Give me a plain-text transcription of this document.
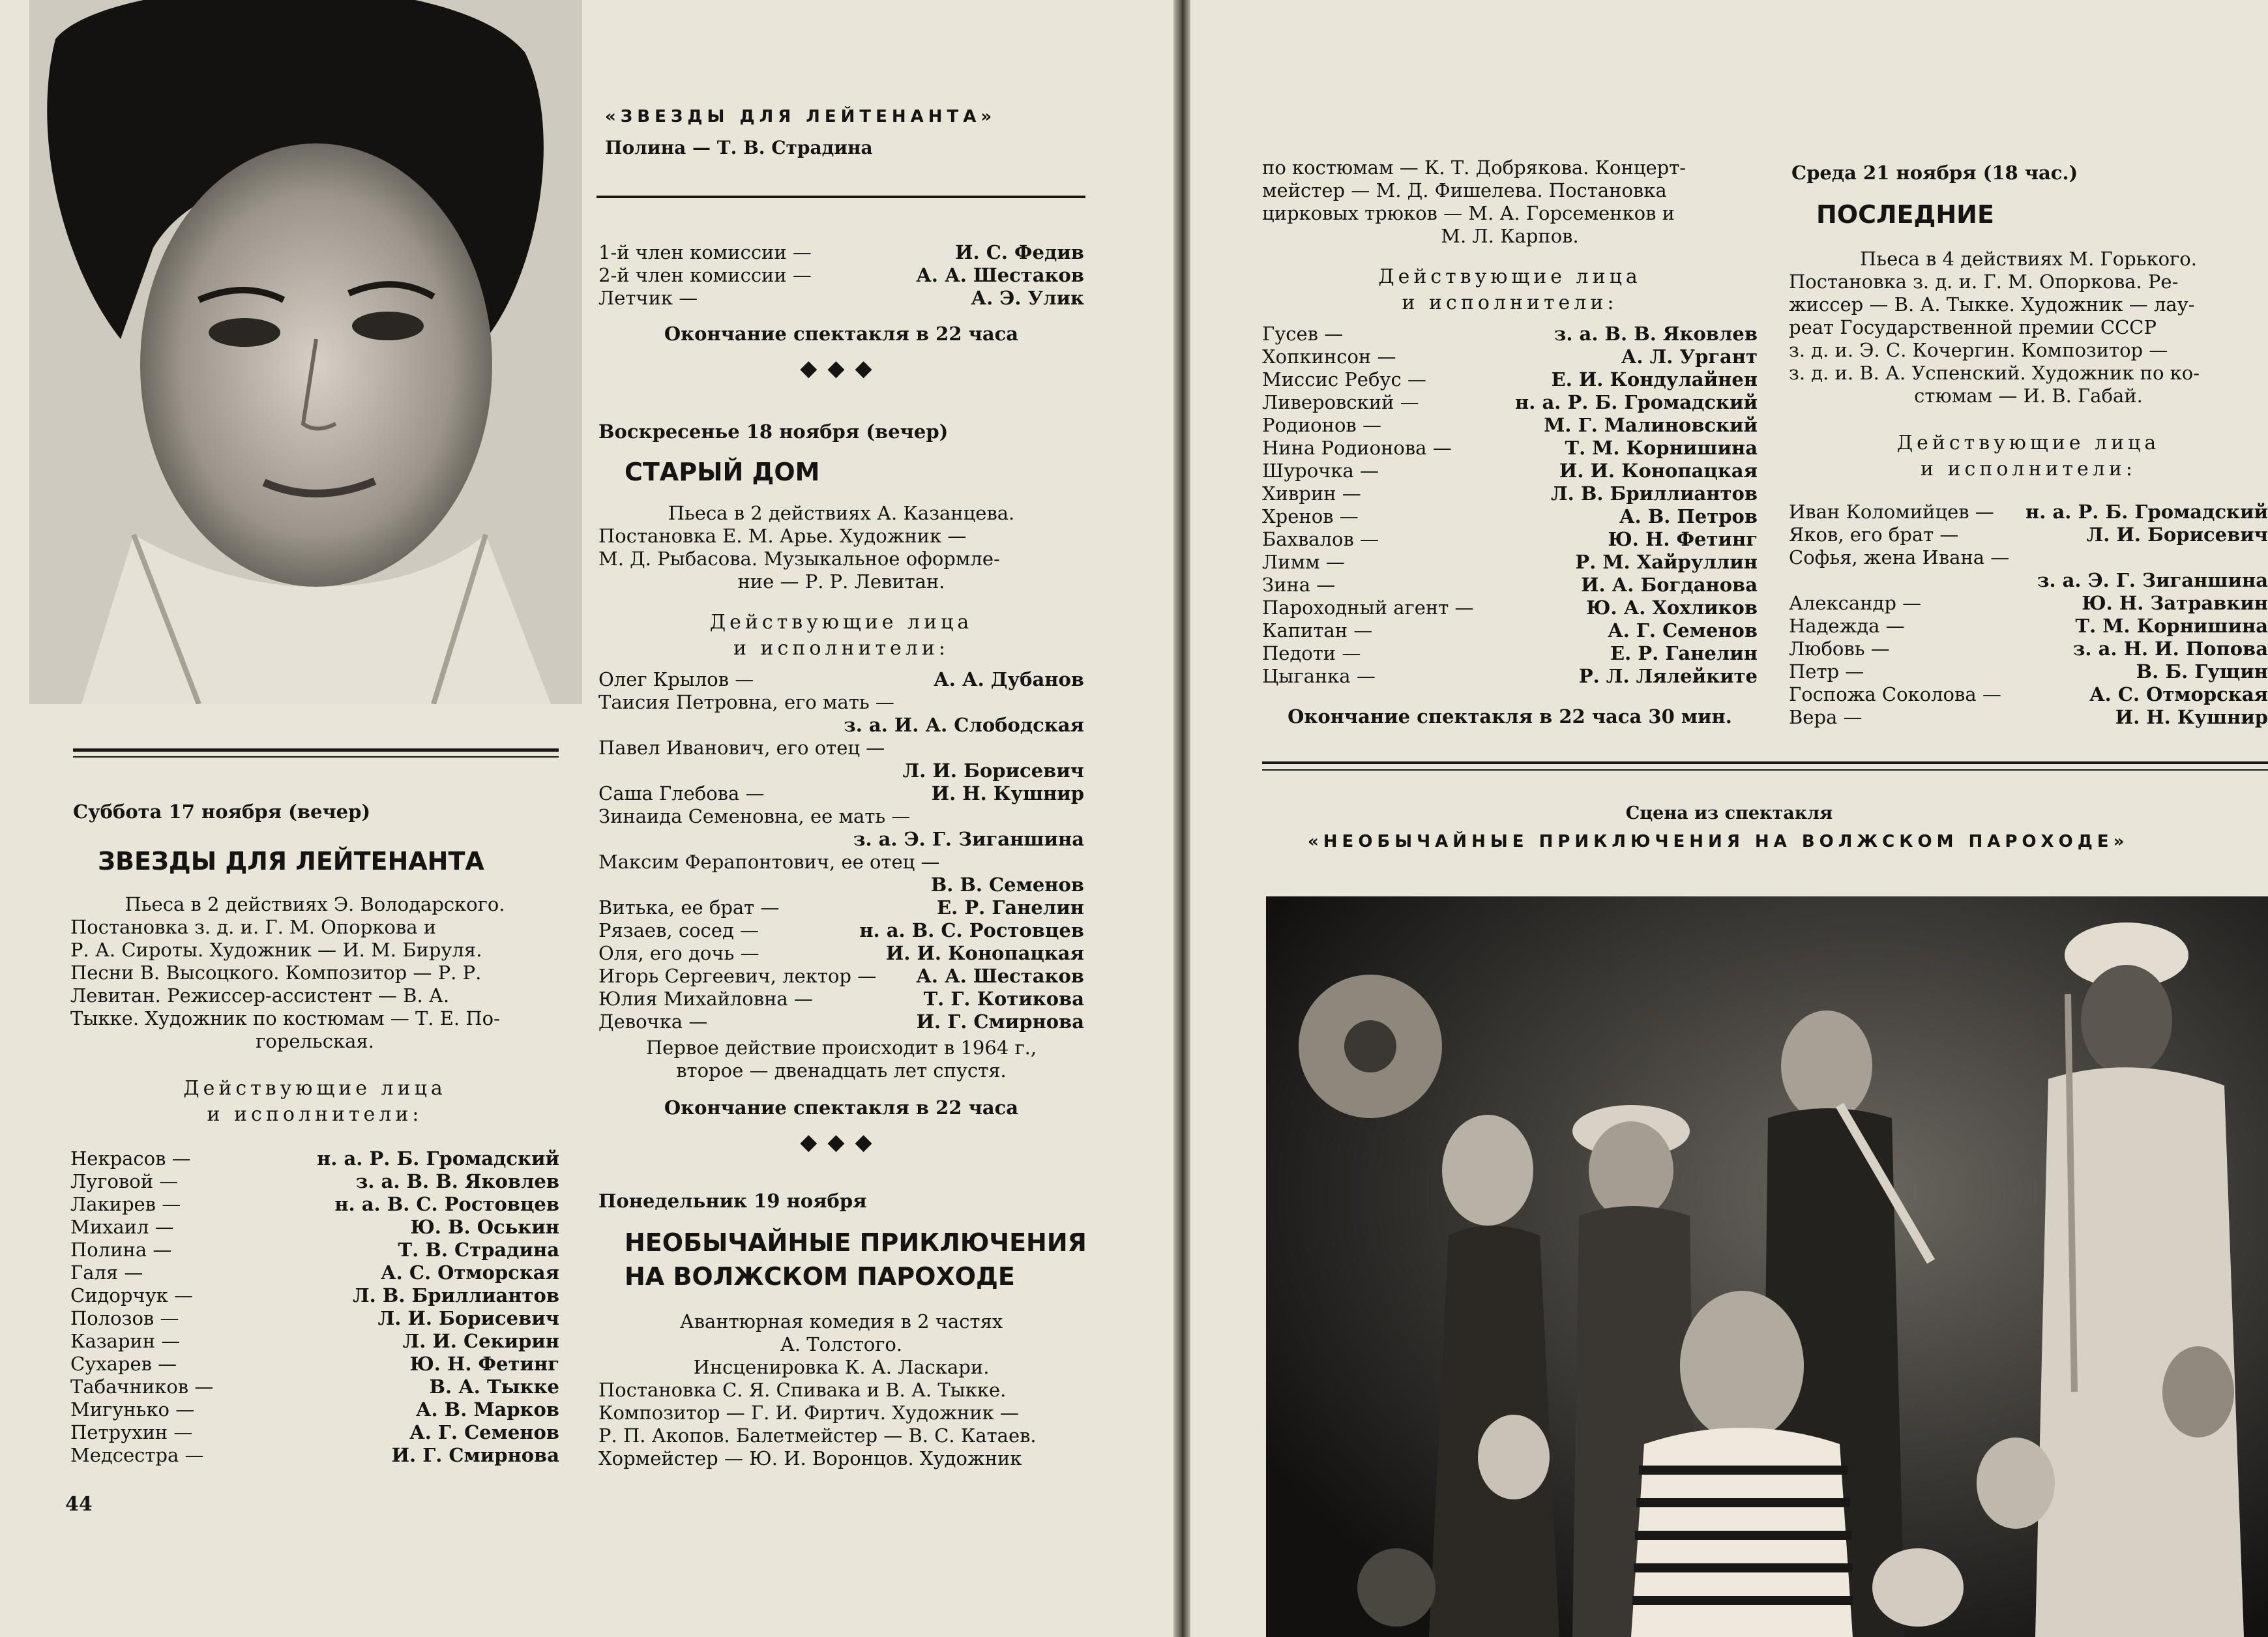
«ЗВЕЗДЫ ДЛЯ ЛЕЙТЕНАНТА»
Полина — Т. В. Страдина
1-й член комиссии —	И. С. Федив
2-й член комиссии —	А. А. Шестаков
Летчик —	А. Э. Улик
Окончание спектакля в 22 часа
◆◆◆
Воскресенье 18 ноября (вечер)
СТАРЫЙ ДОМ
Пьеса в 2 действиях А. Казанцева.
Постановка Е. М. Арье. Художник —
М. Д. Рыбасова. Музыкальное оформле-
ние — Р. Р. Левитан.
Действующие лица
и исполнители:
Олег Крылов —	А. А. Дубанов
Таисия Петровна, его мать —
з. а. И. А. Слободская
Павел Иванович, его отец —
Л. И. Борисевич
Саша Глебова —	И. Н. Кушнир
Зинаида Семеновна, ее мать —
з. а. Э. Г. Зиганшина
Максим Ферапонтович, ее отец —
В. В. Семенов
Витька, ее брат —	Е. Р. Ганелин
Рязаев, сосед —	н. а. В. С. Ростовцев
Оля, его дочь —	И. И. Конопацкая
Игорь Сергеевич, лектор — А. А. Шестаков
Юлия Михайловна —	Т. Г. Котикова
Девочка —	И. Г. Смирнова
Первое действие происходит в 1964 г.,
второе — двенадцать лет спустя.
Окончание спектакля в 22 часа
◆◆◆
Понедельник 19 ноября
НЕОБЫЧАЙНЫЕ ПРИКЛЮЧЕНИЯ
НА ВОЛЖСКОМ ПАРОХОДЕ
Авантюрная комедия в 2 частях
А. Толстого.
Инсценировка К. А. Ласкари.
Постановка С. Я. Спивака и В. А. Тыкке.
Композитор — Г. И. Фиртич. Художник —
Р. П. Акопов. Балетмейстер — В. С. Катаев.
Хормейстер — Ю. И. Воронцов. Художник
Суббота 17 ноября (вечер)
ЗВЕЗДЫ ДЛЯ ЛЕЙТЕНАНТА
Пьеса в 2 действиях Э. Володарского.
Постановка з. д. и. Г. М. Опоркова и
Р. А. Сироты. Художник — И. М. Бируля.
Песни В. Высоцкого. Композитор — Р. Р.
Левитан. Режиссер-ассистент — В. А.
Тыкке. Художник по костюмам — Т. Е. По-
горельская.
Действующие лица
и исполнители:
Некрасов —	н. а. Р. Б. Громадский
Луговой —	з. а. В. В. Яковлев
Лакирев —	н. а. В. С. Ростовцев
Михаил —	Ю. В. Оськин
Полина —	Т. В. Страдина
Галя —	А. С. Отморская
Сидорчук —	Л. В. Бриллиантов
Полозов —	Л. И. Борисевич
Казарин —	Л. И. Секирин
Сухарев —	Ю. Н. Фетинг
Табачников —	В. А. Тыкке
Мигунько —	А. В. Марков
Петрухин —	А. Г. Семенов
Медсестра —	И. Г. Смирнова
44
по костюмам — К. Т. Добрякова. Концерт-
мейстер — М. Д. Фишелева. Постановка
цирковых трюков — М. А. Горсеменков и
М. Л. Карпов.
Действующие лица
и исполнители:
Гусев —	з. а. В. В. Яковлев
Хопкинсон —	А. Л. Ургант
Миссис Ребус —	Е. И. Кондулайнен
Ливеровский —	н. а. Р. Б. Громадский
Родионов —	М. Г. Малиновский
Нина Родионова —	Т. М. Корнишина
Шурочка —	И. И. Конопацкая
Хиврин —	Л. В. Бриллиантов
Хренов —	А. В. Петров
Бахвалов —	Ю. Н. Фетинг
Лимм —	Р. М. Хайруллин
Зина —	И. А. Богданова
Пароходный агент —	Ю. А. Хохликов
Капитан —	А. Г. Семенов
Педоти —	Е. Р. Ганелин
Цыганка —	Р. Л. Лялейките
Окончание спектакля в 22 часа 30 мин.
Среда 21 ноября (18 час.)
ПОСЛЕДНИЕ
Пьеса в 4 действиях М. Горького.
Постановка з. д. и. Г. М. Опоркова. Ре-
жиссер — В. А. Тыкке. Художник — лау-
реат Государственной премии СССР
з. д. и. Э. С. Кочергин. Композитор —
з. д. и. В. А. Успенский. Художник по ко-
стюмам — И. В. Габай.
Действующие лица
и исполнители:
Иван Коломийцев — н. а. Р. Б. Громадский
Яков, его брат —	Л. И. Борисевич
Софья, жена Ивана —
з. а. Э. Г. Зиганшина
Александр —	Ю. Н. Затравкин
Надежда —	Т. М. Корнишина
Любовь —	з. а. Н. И. Попова
Петр —	В. Б. Гущин
Госпожа Соколова —	А. С. Отморская
Вера —	И. Н. Кушнир
Сцена из спектакля
«НЕОБЫЧАЙНЫЕ ПРИКЛЮЧЕНИЯ НА ВОЛЖСКОМ ПАРОХОДЕ»
